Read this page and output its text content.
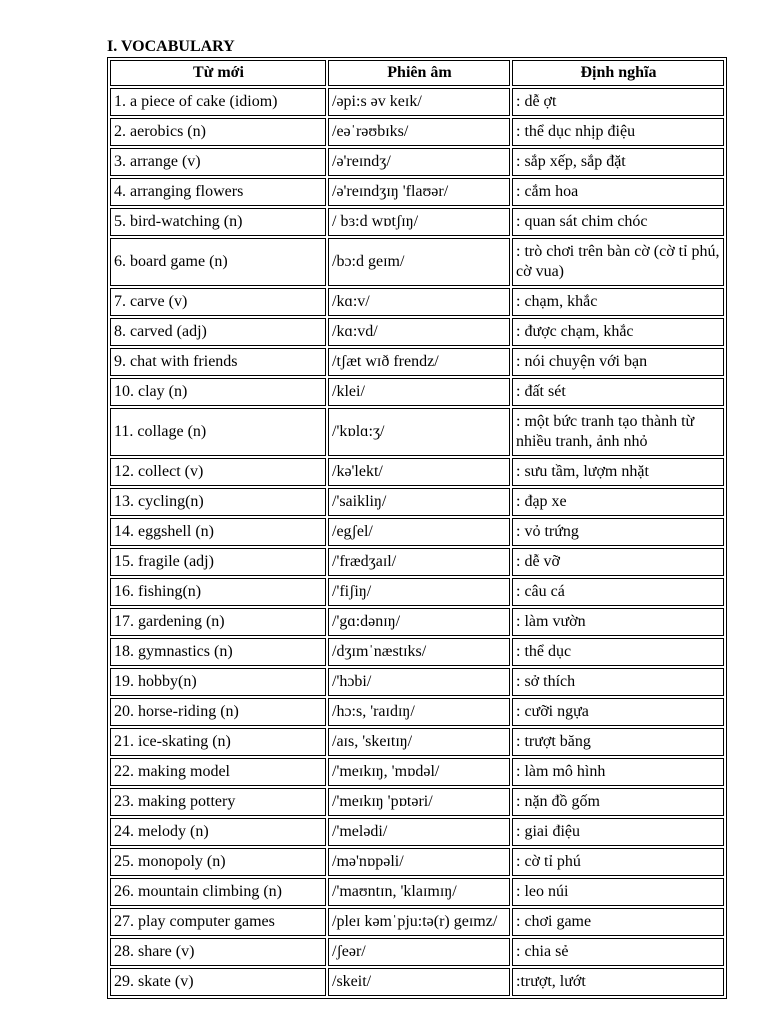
I. VOCABULARY
Từ mới	Phiên âm	Định nghĩa
1. a piece of cake (idiom)	/əpi:s əv keɪk/	: dễ ợt
2. aerobics (n)	/eəˈrəʊbɪks/	: thể dục nhịp điệu
3. arrange (v)	/ə'reɪndʒ/	: sắp xếp, sắp đặt
4. arranging flowers	/ə'reɪndʒɪŋ 'flaʊər/	: cắm hoa
5. bird-watching (n)	/ bɜ:d wɒtʃɪŋ/	: quan sát chim chóc
6. board game (n)	/bɔ:d geɪm/	: trò chơi trên bàn cờ (cờ tỉ phú, cờ vua)
7. carve (v)	/kɑ:v/	: chạm, khắc
8. carved (adj)	/kɑ:vd/	: được chạm, khắc
9. chat with friends	/tʃæt wɪð frendz/	: nói chuyện với bạn
10. clay (n)	/klei/	: đất sét
11. collage (n)	/'kɒlɑ:ʒ/	: một bức tranh tạo thành từ nhiều tranh, ảnh nhỏ
12. collect (v)	/kə'lekt/	: sưu tầm, lượm nhặt
13. cycling(n)	/'saikliŋ/	: đạp xe
14. eggshell (n)	/egʃel/	: vỏ trứng
15. fragile (adj)	/'frædʒaɪl/	: dễ vỡ
16. fishing(n)	/'fiʃiŋ/	: câu cá
17. gardening (n)	/'gɑ:dənɪŋ/	: làm vườn
18. gymnastics (n)	/dʒɪmˈnæstɪks/	: thể dục
19. hobby(n)	/'hɔbi/	: sở thích
20. horse-riding (n)	/hɔ:s, 'raɪdɪŋ/	: cưỡi ngựa
21. ice-skating (n)	/aɪs, 'skeɪtɪŋ/	: trượt băng
22. making model	/'meɪkɪŋ, 'mɒdəl/	: làm mô hình
23. making pottery	/'meɪkɪŋ 'pɒtəri/	: nặn đồ gốm
24. melody (n)	/'melədi/	: giai điệu
25. monopoly (n)	/mə'nɒpəli/	: cờ tỉ phú
26. mountain climbing (n)	/'maʊntɪn, 'klaɪmɪŋ/	: leo núi
27. play computer games	/pleɪ kəmˈpju:tə(r) geɪmz/	: chơi game
28. share (v)	/ʃeər/	: chia sẻ
29. skate (v)	/skeit/	:trượt, lướt
